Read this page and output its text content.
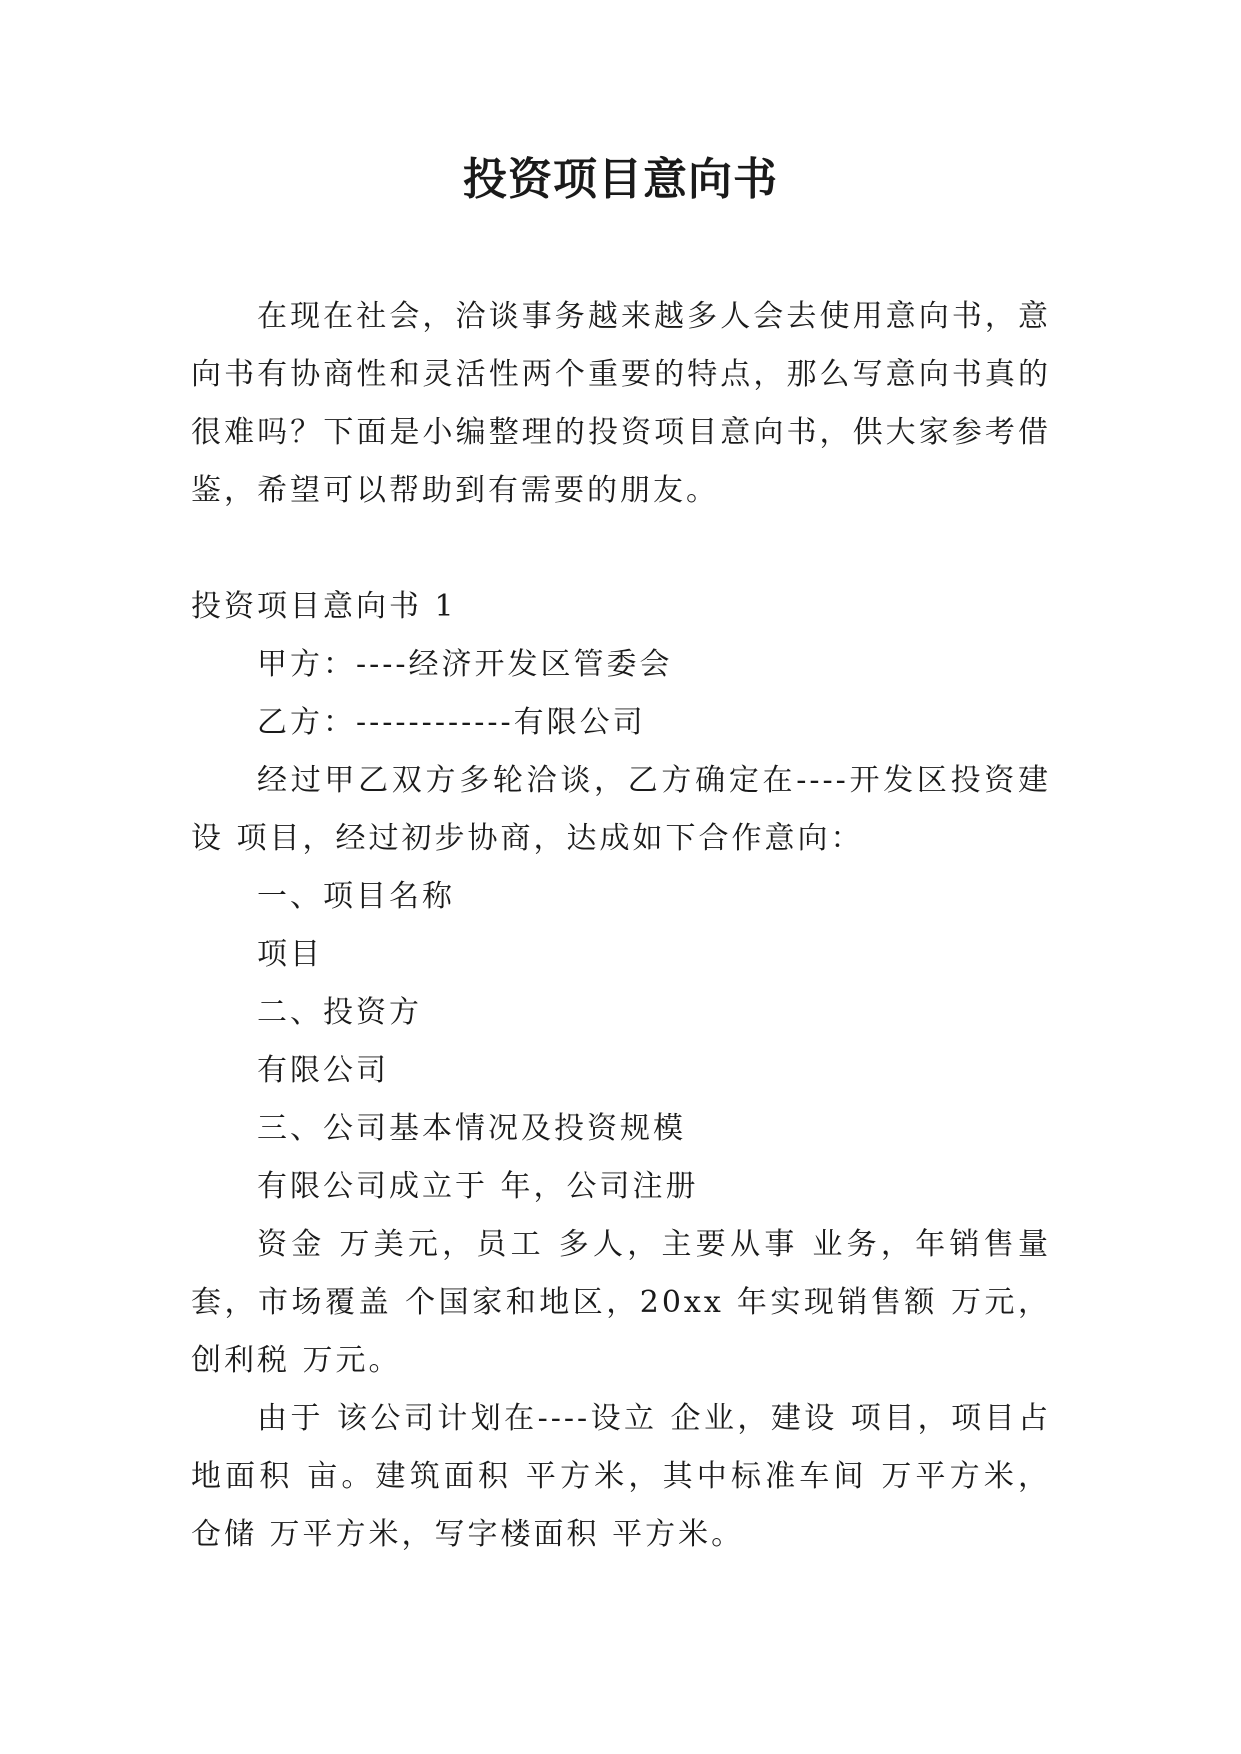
投资项目意向书

在现在社会，洽谈事务越来越多人会去使用意向书，意向书有协商性和灵活性两个重要的特点，那么写意向书真的很难吗？下面是小编整理的投资项目意向书，供大家参考借鉴，希望可以帮助到有需要的朋友。

投资项目意向书 1

甲方：----经济开发区管委会

乙方：------------有限公司

经过甲乙双方多轮洽谈，乙方确定在----开发区投资建设 项目，经过初步协商，达成如下合作意向：

一、项目名称

项目

二、投资方

有限公司

三、公司基本情况及投资规模

有限公司成立于 年，公司注册

资金 万美元，员工 多人，主要从事 业务，年销售量 套，市场覆盖 个国家和地区，20xx 年实现销售额 万元，创利税 万元。

由于 该公司计划在----设立 企业，建设 项目，项目占地面积 亩。建筑面积 平方米，其中标准车间 万平方米，仓储 万平方米，写字楼面积 平方米。
